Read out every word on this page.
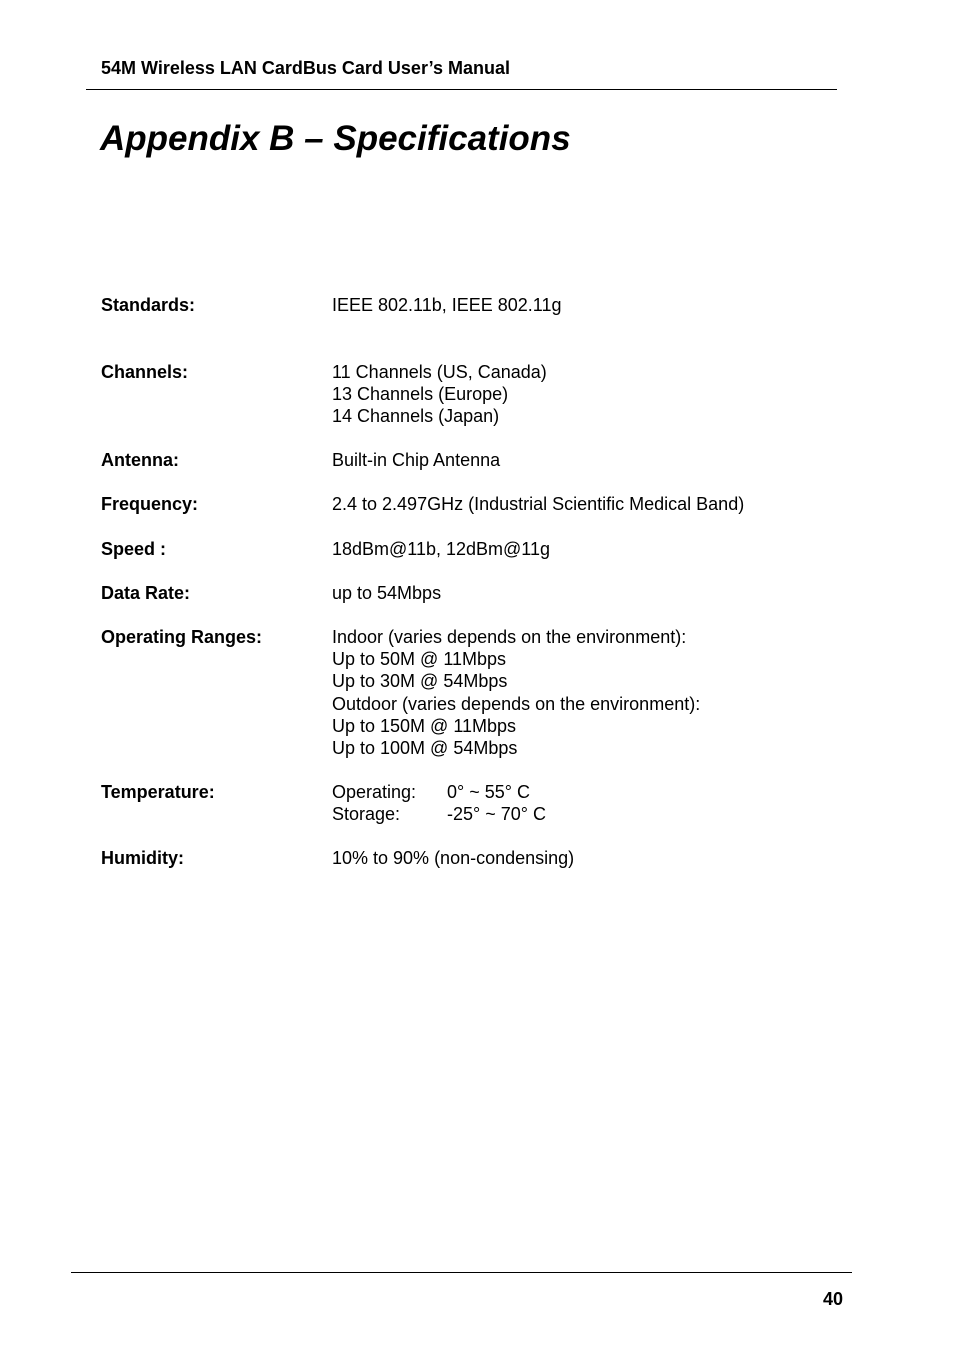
54M Wireless LAN CardBus Card User’s Manual
Appendix B – Specifications
Standards:	IEEE 802.11b, IEEE 802.11g
Channels:	11 Channels (US, Canada)
13 Channels (Europe)
14 Channels (Japan)
Antenna:	Built-in Chip Antenna
Frequency:	2.4 to 2.497GHz (Industrial Scientific Medical Band)
Speed :	18dBm@11b, 12dBm@11g
Data Rate:	up to 54Mbps
Operating Ranges:	Indoor (varies depends on the environment):
Up to 50M @ 11Mbps
Up to 30M @ 54Mbps
Outdoor (varies depends on the environment):
Up to 150M @ 11Mbps
Up to 100M @ 54Mbps
Temperature:	Operating:	0° ~ 55° C
Storage:	-25° ~ 70° C
Humidity:	10% to 90% (non-condensing)
40
